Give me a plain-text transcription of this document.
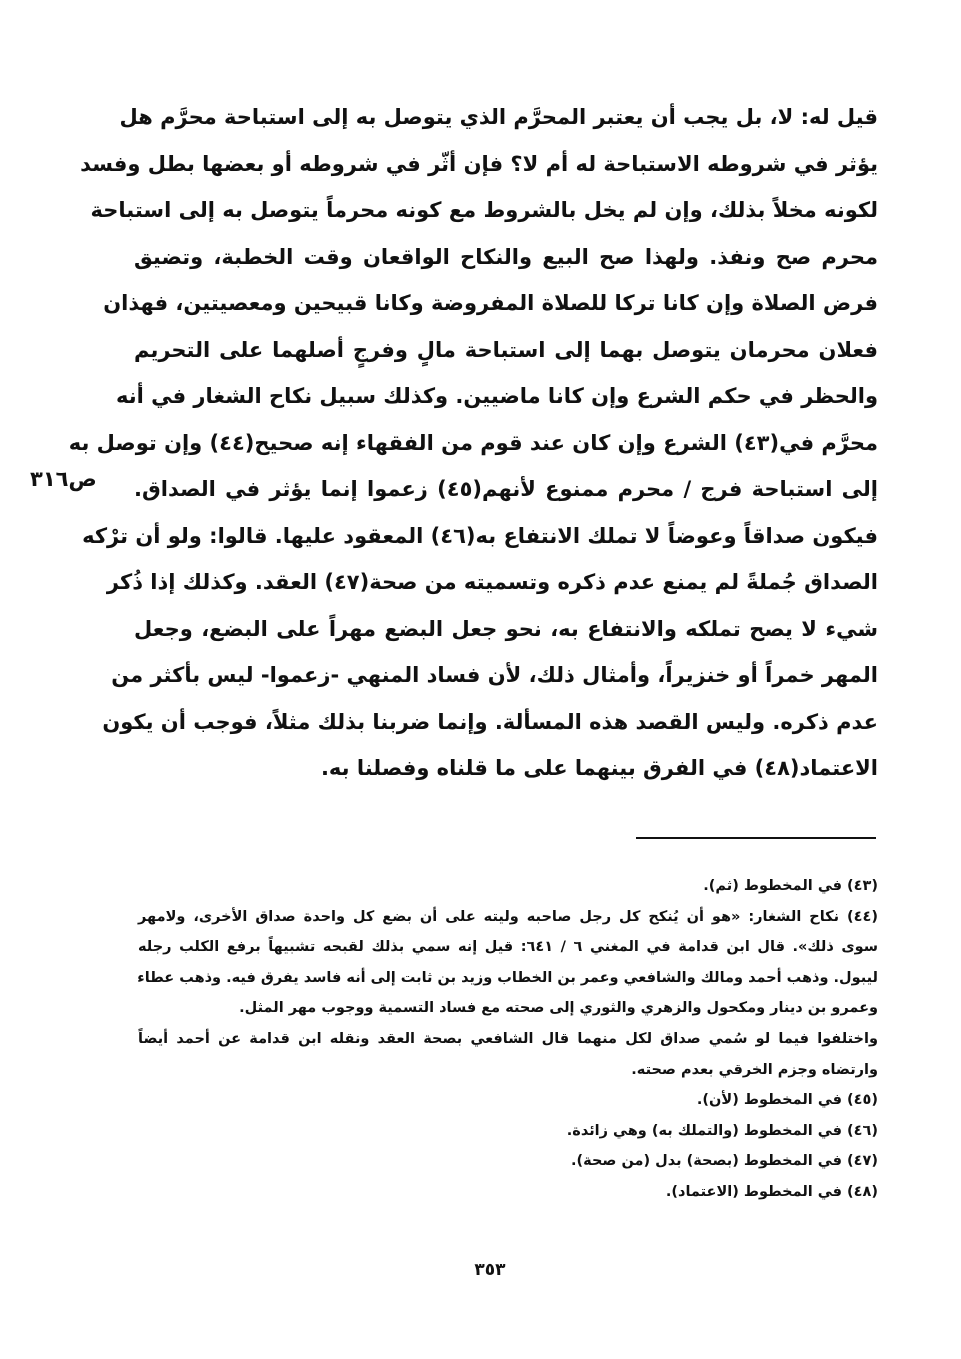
قيل له: لا، بل يجب أن يعتبر المحرَّم الذي يتوصل به إلى استباحة محرَّم هل
يؤثر في شروطه الاستباحة له أم لا؟ فإن أثّر في شروطه أو بعضها بطل وفسد
لكونه مخلاً بذلك، وإن لم يخل بالشروط مع كونه محرماً يتوصل به إلى استباحة
محرم صح ونفذ. ولهذا صح البيع والنكاح الواقعان وقت الخطبة، وتضيق
فرض الصلاة وإن كانا تركا للصلاة المفروضة وكانا قبيحين ومعصيتين، فهذان
فعلان محرمان يتوصل بهما إلى استباحة مالٍ وفرجٍ أصلهما على التحريم
والحظر في حكم الشرع وإن كانا ماضيين. وكذلك سبيل نكاح الشغار في أنه
محرَّم في(٤٣) الشرع وإن كان عند قوم من الفقهاء إنه صحيح(٤٤) وإن توصل به
إلى استباحة فرج / محرم ممنوع لأنهم(٤٥) زعموا إنما يؤثر في الصداق.
فيكون صداقاً وعوضاً لا تملك الانتفاع به(٤٦) المعقود عليها. قالوا: ولو أن ترْكه
الصداق جُملةً لم يمنع عدم ذكره وتسميته من صحة(٤٧) العقد. وكذلك إذا ذُكر
شيء لا يصح تملكه والانتفاع به، نحو جعل البضع مهراً على البضع، وجعل
المهر خمراً أو خنزيراً، وأمثال ذلك، لأن فساد المنهي -زعموا- ليس بأكثر من
عدم ذكره. وليس القصد هذه المسألة. وإنما ضربنا بذلك مثلاً، فوجب أن يكون
الاعتماد(٤٨) في الفرق بينهما على ما قلناه وفصلنا به.
ص٣١٦
(٤٣) في المخطوط (ثم).
(٤٤) نكاح الشغار: «هو أن يُنكح كل رجل صاحبه وليته على أن بضع كل واحدة صداق الأخرى، ولامهر
سوى ذلك». قال ابن قدامة في المغني ٦ / ٦٤١: قيل إنه سمي بذلك لقبحه تشبيهاً برفع الكلب رجله
ليبول. وذهب أحمد ومالك والشافعي وعمر بن الخطاب وزيد بن ثابت إلى أنه فاسد يفرق فيه. وذهب عطاء
وعمرو بن دينار ومكحول والزهري والثوري إلى صحته مع فساد التسمية ووجوب مهر المثل.
واختلفوا فيما لو سُمي صداق لكل منهما قال الشافعي بصحة العقد ونقله ابن قدامة عن أحمد أيضاً
وارتضاه وجزم الخرقي بعدم صحته.
(٤٥) في المخطوط (لأن).
(٤٦) في المخطوط (والتملك به) وهي زائدة.
(٤٧) في المخطوط (بصحة) بدل (من صحة).
(٤٨) في المخطوط (الاعتماد).
٣٥٣
